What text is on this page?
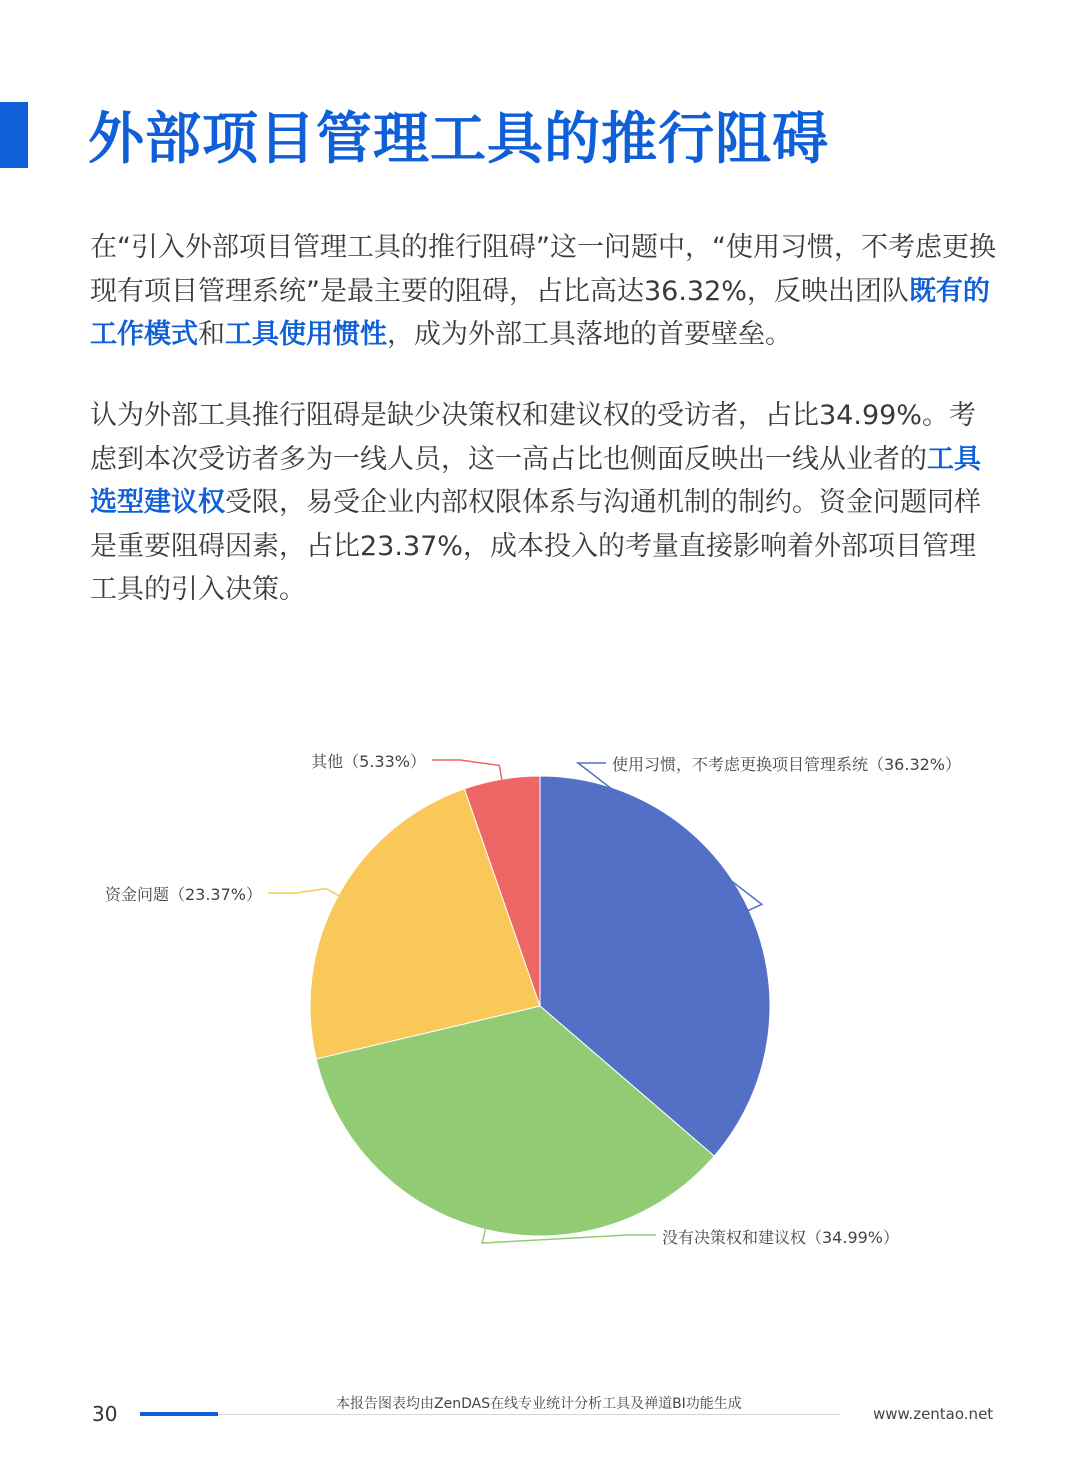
外部项目管理工具的推行阻碍

在“引入外部项目管理工具的推行阻碍”这一问题中，“使用习惯，不考虑更换现有项目管理系统”是最主要的阻碍，占比高达36.32%，反映出团队既有的工作模式和工具使用惯性，成为外部工具落地的首要壁垒。

认为外部工具推行阻碍是缺少决策权和建议权的受访者，占比34.99%。考虑到本次受访者多为一线人员，这一高占比也侧面反映出一线从业者的工具选型建议权受限，易受企业内部权限体系与沟通机制的制约。资金问题同样是重要阻碍因素，占比23.37%，成本投入的考量直接影响着外部项目管理工具的引入决策。

使用习惯，不考虑更换项目管理系统（36.32%）
没有决策权和建议权（34.99%）
资金问题（23.37%）
其他（5.33%）
30	本报告图表均由ZenDAS在线专业统计分析工具及禅道BI功能生成
www.zentao.net
